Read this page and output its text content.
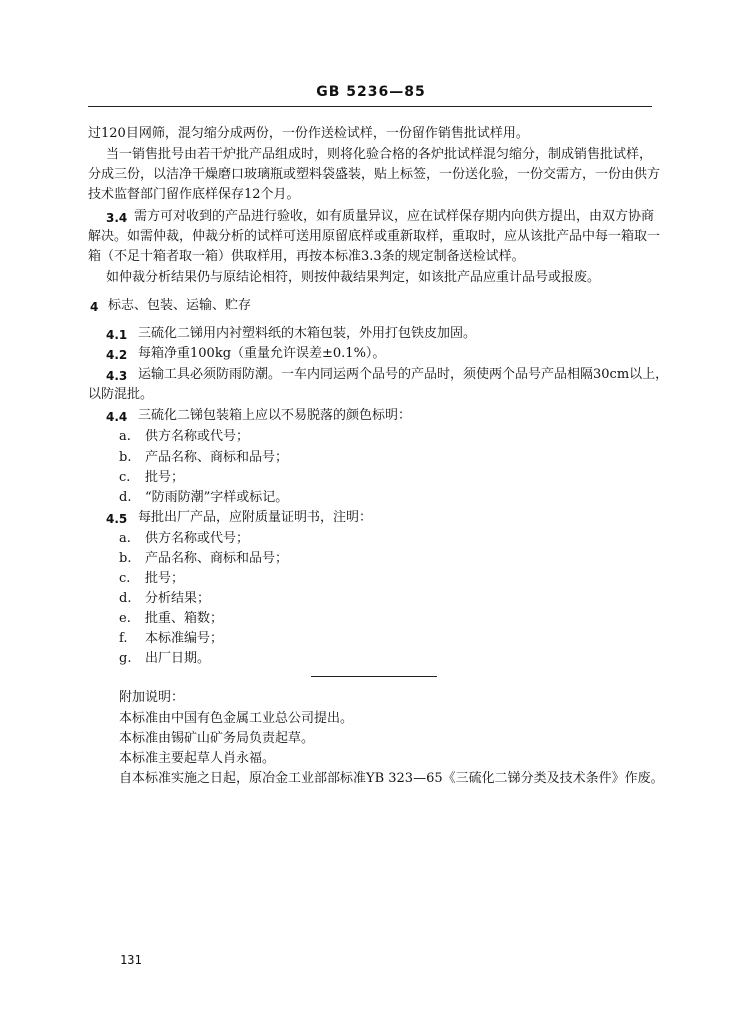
GB 5236—85
过120目网筛，混匀缩分成两份，一份作送检试样，一份留作销售批试样用。
当一销售批号由若干炉批产品组成时，则将化验合格的各炉批试样混匀缩分，制成销售批试样，
分成三份，以洁净干燥磨口玻璃瓶或塑料袋盛装，贴上标签，一份送化验，一份交需方，一份由供方
技术监督部门留作底样保存12个月。
3.4 需方可对收到的产品进行验收，如有质量异议，应在试样保存期内向供方提出，由双方协商
解决。如需仲裁，仲裁分析的试样可送用原留底样或重新取样，重取时，应从该批产品中每一箱取一
箱（不足十箱者取一箱）供取样用，再按本标准3.3条的规定制备送检试样。
如仲裁分析结果仍与原结论相符，则按仲裁结果判定，如该批产品应重计品号或报废。
4 标志、包装、运输、贮存
4.1 三硫化二锑用内衬塑料纸的木箱包装，外用打包铁皮加固。
4.2 每箱净重100kg（重量允许误差±0.1%）。
4.3 运输工具必须防雨防潮。一车内同运两个品号的产品时，须使两个品号产品相隔30cm以上，
以防混批。
4.4 三硫化二锑包装箱上应以不易脱落的颜色标明：
a. 供方名称或代号；
b. 产品名称、商标和品号；
c. 批号；
d. “防雨防潮”字样或标记。
4.5 每批出厂产品，应附质量证明书，注明：
a. 供方名称或代号；
b. 产品名称、商标和品号；
c. 批号；
d. 分析结果；
e. 批重、箱数；
f. 本标准编号；
g. 出厂日期。
附加说明：
本标准由中国有色金属工业总公司提出。
本标准由锡矿山矿务局负责起草。
本标准主要起草人肖永福。
自本标准实施之日起，原冶金工业部部标准YB 323—65《三硫化二锑分类及技术条件》作废。
131
